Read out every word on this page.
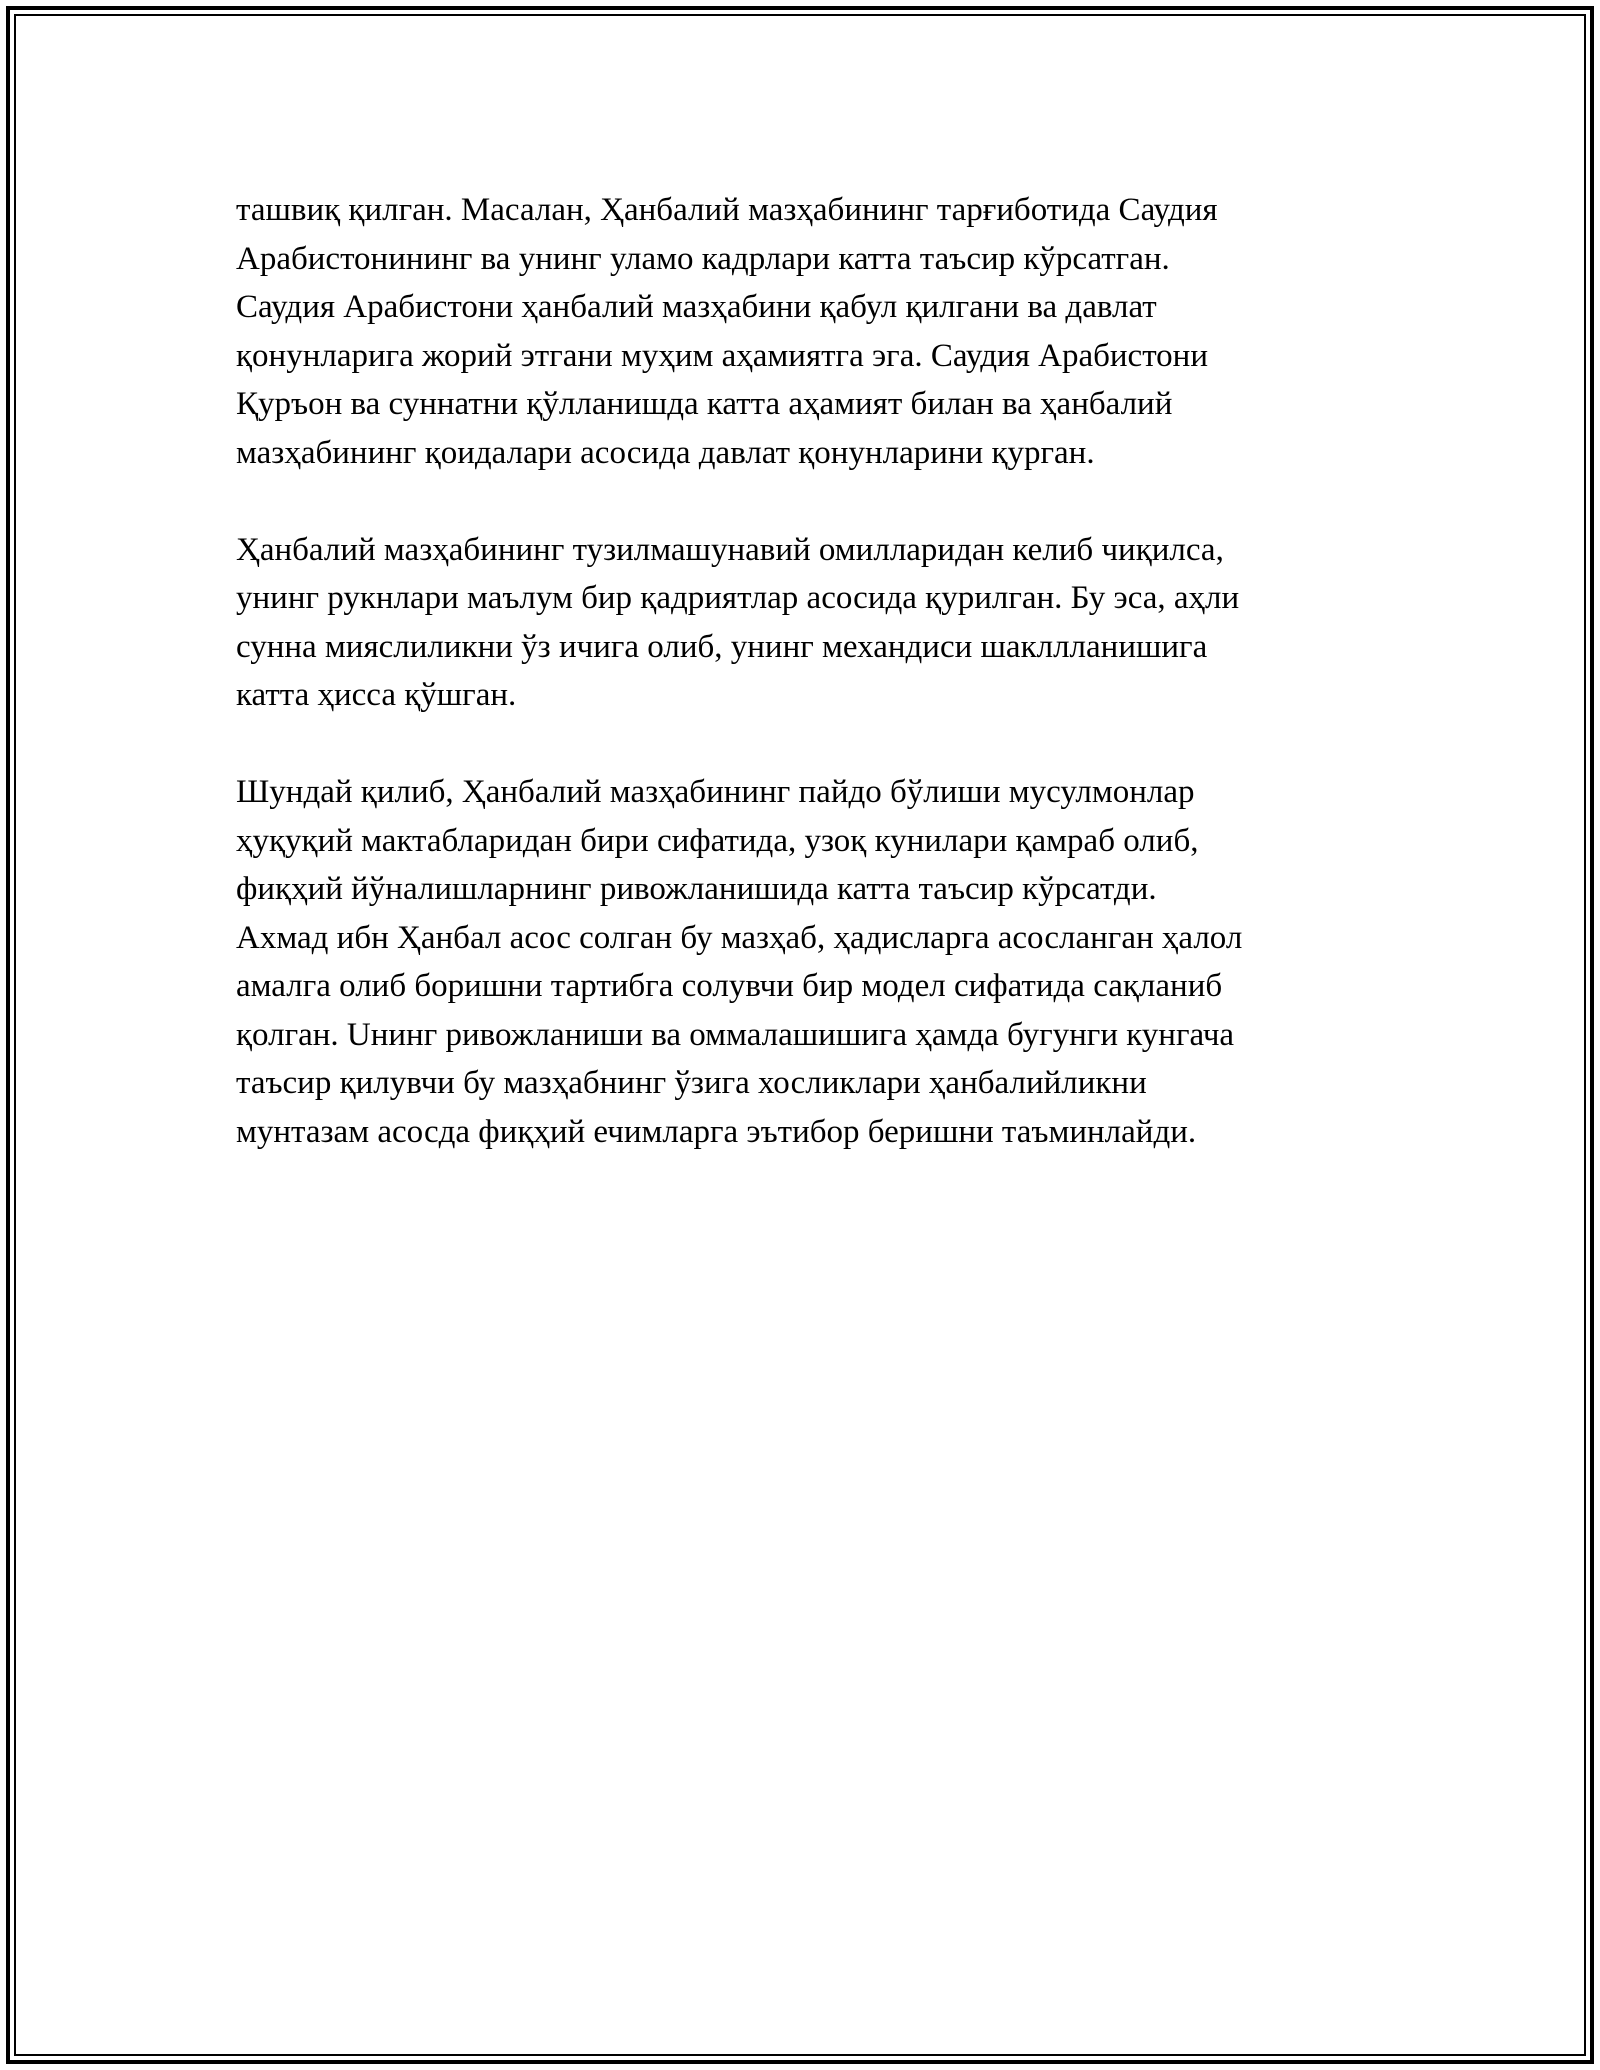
ташвиқ қилган. Масалан, Ҳанбалий мазҳабининг тарғиботида Саудия
Арабистонининг ва унинг уламо кадрлари катта таъсир кўрсатган.
Саудия Арабистони ҳанбалий мазҳабини қабул қилгани ва давлат
қонунларига жорий этгани муҳим аҳамиятга эга. Саудия Арабистони
Қуръон ва суннатни қўлланишда катта аҳамият билан ва ҳанбалий
мазҳабининг қоидалари асосида давлат қонунларини қурган.
Ҳанбалий мазҳабининг тузилмашунавий омилларидан келиб чиқилса,
унинг рукнлари маълум бир қадриятлар асосида қурилган. Бу эса, аҳли
сунна мияслиликни ўз ичига олиб, унинг механдиси шакллланишига
катта ҳисса қўшган.
Шундай қилиб, Ҳанбалий мазҳабининг пайдо бўлиши мусулмонлар
ҳуқуқий мактабларидан бири сифатида, узоқ кунилари қамраб олиб,
фиқҳий йўналишларнинг ривожланишида катта таъсир кўрсатди.
Ахмад ибн Ҳанбал асос солган бу мазҳаб, ҳадисларга асосланган ҳалол
амалга олиб боришни тартибга солувчи бир модел сифатида сақланиб
қолган. Uнинг ривожланиши ва оммалашишига ҳамда бугунги кунгача
таъсир қилувчи бу мазҳабнинг ўзига хосликлари ҳанбалийликни
мунтазам асосда фиқҳий ечимларга эътибор беришни таъминлайди.
